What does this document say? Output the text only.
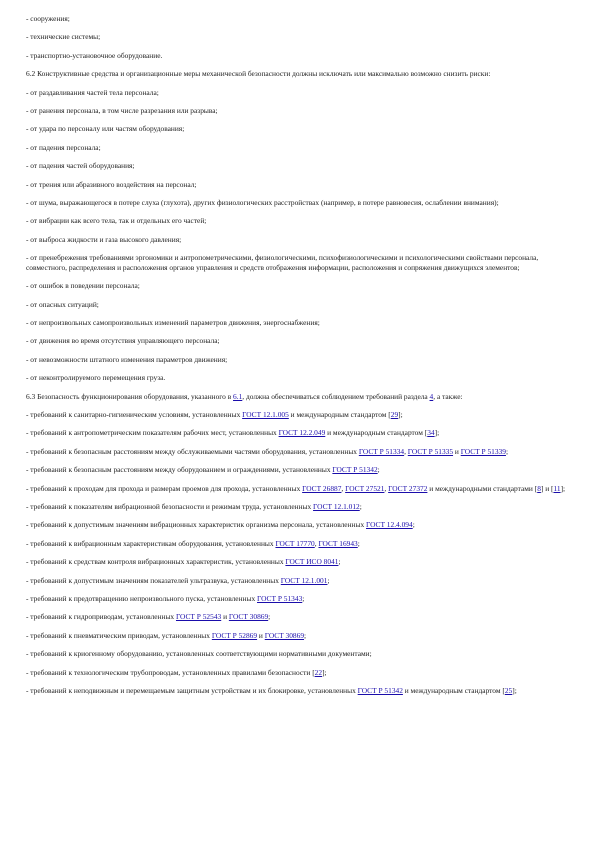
- сооружения;

- технические системы;

- транспортно-установочное оборудование.

6.2 Конструктивные средства и организационные меры механической безопасности должны исключать или максимально возможно снизить риски:

- от раздавливания частей тела персонала;

- от ранения персонала, в том числе разрезания или разрыва;

- от удара по персоналу или частям оборудования;

- от падения персонала;

- от падения частей оборудования;

- от трения или абразивного воздействия на персонал;

- от шума, выражающегося в потере слуха (глухота), других физиологических расстройствах (например, в потере равновесия, ослаблении внимания);

- от вибрации как всего тела, так и отдельных его частей;

- от выброса жидкости и газа высокого давления;

- от пренебрежения требованиями эргономики и антропометрическими, физиологическими, психофизиологическими и психологическими свойствами персонала, совместного, распределения и расположения органов управления и средств отображения информации, расположения и сопряжения движущихся элементов;

- от ошибок в поведении персонала;

- от опасных ситуаций;

- от непроизвольных самопроизвольных изменений параметров движения, энергоснабжения;

- от движения во время отсутствия управляющего персонала;

- от невозможности штатного изменения параметров движения;

- от неконтролируемого перемещения груза.

6.3 Безопасность функционирования оборудования, указанного в 6.1, должна обеспечиваться соблюдением требований раздела 4, а также:

- требований к санитарно-гигиеническим условиям, установленных ГОСТ 12.1.005 и международным стандартом [29];

- требований к антропометрическим показателям рабочих мест, установленных ГОСТ 12.2.049 и международным стандартом [34];

- требований к безопасным расстояниям между обслуживаемыми частями оборудования, установленных ГОСТ Р 51334, ГОСТ Р 51335 и ГОСТ Р 51339;

- требований к безопасным расстояниям между оборудованием и ограждениями, установленных ГОСТ Р 51342;

- требований к проходам для прохода и размерам проемов для прохода, установленных ГОСТ 26887, ГОСТ 27521, ГОСТ 27372 и международными стандартами [8] и [11];

- требований к показателям вибрационной безопасности и режимам труда, установленных ГОСТ 12.1.012;

- требований к допустимым значениям вибрационных характеристик организма персонала, установленных ГОСТ 12.4.094;

- требований к вибрационным характеристикам оборудования, установленных ГОСТ 17770, ГОСТ 16943;

- требований к средствам контроля вибрационных характеристик, установленных ГОСТ ИСО 8041;

- требований к допустимым значениям показателей ультразвука, установленных ГОСТ 12.1.001;

- требований к предотвращению непроизвольного пуска, установленных ГОСТ Р 51343;

- требований к гидроприводам, установленных ГОСТ Р 52543 и ГОСТ 30869;

- требований к пневматическим приводам, установленных ГОСТ Р 52869 и ГОСТ 30869;

- требований к криогенному оборудованию, установленных соответствующими нормативными документами;

- требований к технологическим трубопроводам, установленных правилами безопасности [22];

- требований к неподвижным и перемещаемым защитным устройствам и их блокировке, установленных ГОСТ Р 51342 и международным стандартом [25];
